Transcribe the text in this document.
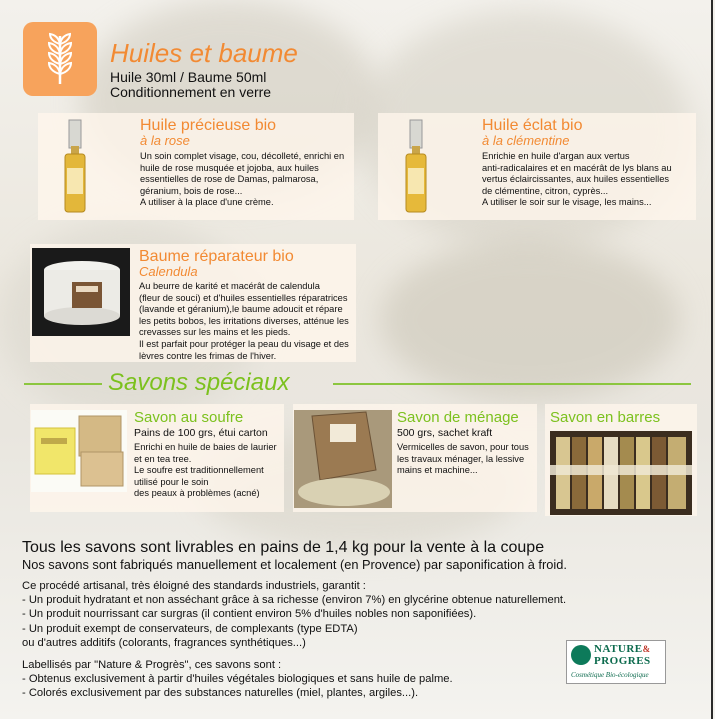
Huiles et baume
Huile 30ml / Baume 50ml
Conditionnement en verre
Huile précieuse bio
à la rose
Un soin complet visage, cou, décolleté, enrichi en
huile de rose musquée et jojoba, aux huiles
essentielles de rose de Damas, palmarosa,
géranium, bois de rose...
A utiliser à la place d'une crème.
Huile éclat bio
à la clémentine
Enrichie en huile d'argan aux vertus
anti-radicalaires et en macérât de lys blans au
vertus éclaircissantes, aux huiles essentielles
de clémentine, citron, cyprès...
A utiliser le soir sur le visage, les mains...
Baume réparateur bio
Calendula
Au beurre de karité et macérât de calendula
(fleur de souci) et d'huiles essentielles réparatrices
(lavande et géranium),le baume adoucit et répare
les petits bobos, les irritations diverses, atténue les
crevasses sur les mains et les pieds.
Il est parfait pour protéger la peau du visage et des
lèvres contre les frimas de l'hiver.
Savons spéciaux
Savon au soufre
Pains de 100 grs, étui carton
Enrichi en huile de baies de laurier
et en tea tree.
Le soufre est traditionnellement
utilisé pour le soin
des peaux à problèmes (acné)
Savon de ménage
500 grs, sachet kraft
Vermicelles de savon, pour tous
les travaux ménager, la lessive
mains et machine...
Savon en barres
Tous les savons sont livrables en pains de 1,4 kg pour la vente à la coupe
Nos savons sont fabriqués manuellement et localement (en Provence) par saponification à froid.
Ce procédé artisanal, très éloigné des standards industriels, garantit :
- Un produit hydratant et non asséchant grâce à sa richesse (environ 7%) en glycérine obtenue naturellement.
- Un produit nourrissant car surgras (il contient environ 5% d'huiles nobles non saponifiées).
- Un produit exempt de conservateurs, de complexants (type EDTA)
ou d'autres additifs (colorants, fragrances synthétiques...)
Labellisés par "Nature & Progrès", ces savons sont :
- Obtenus exclusivement à partir d'huiles végétales biologiques et sans huile de palme.
- Colorés exclusivement par des substances naturelles (miel, plantes, argiles...).
NATURE&
PROGRES
Cosmétique Bio-écologique
